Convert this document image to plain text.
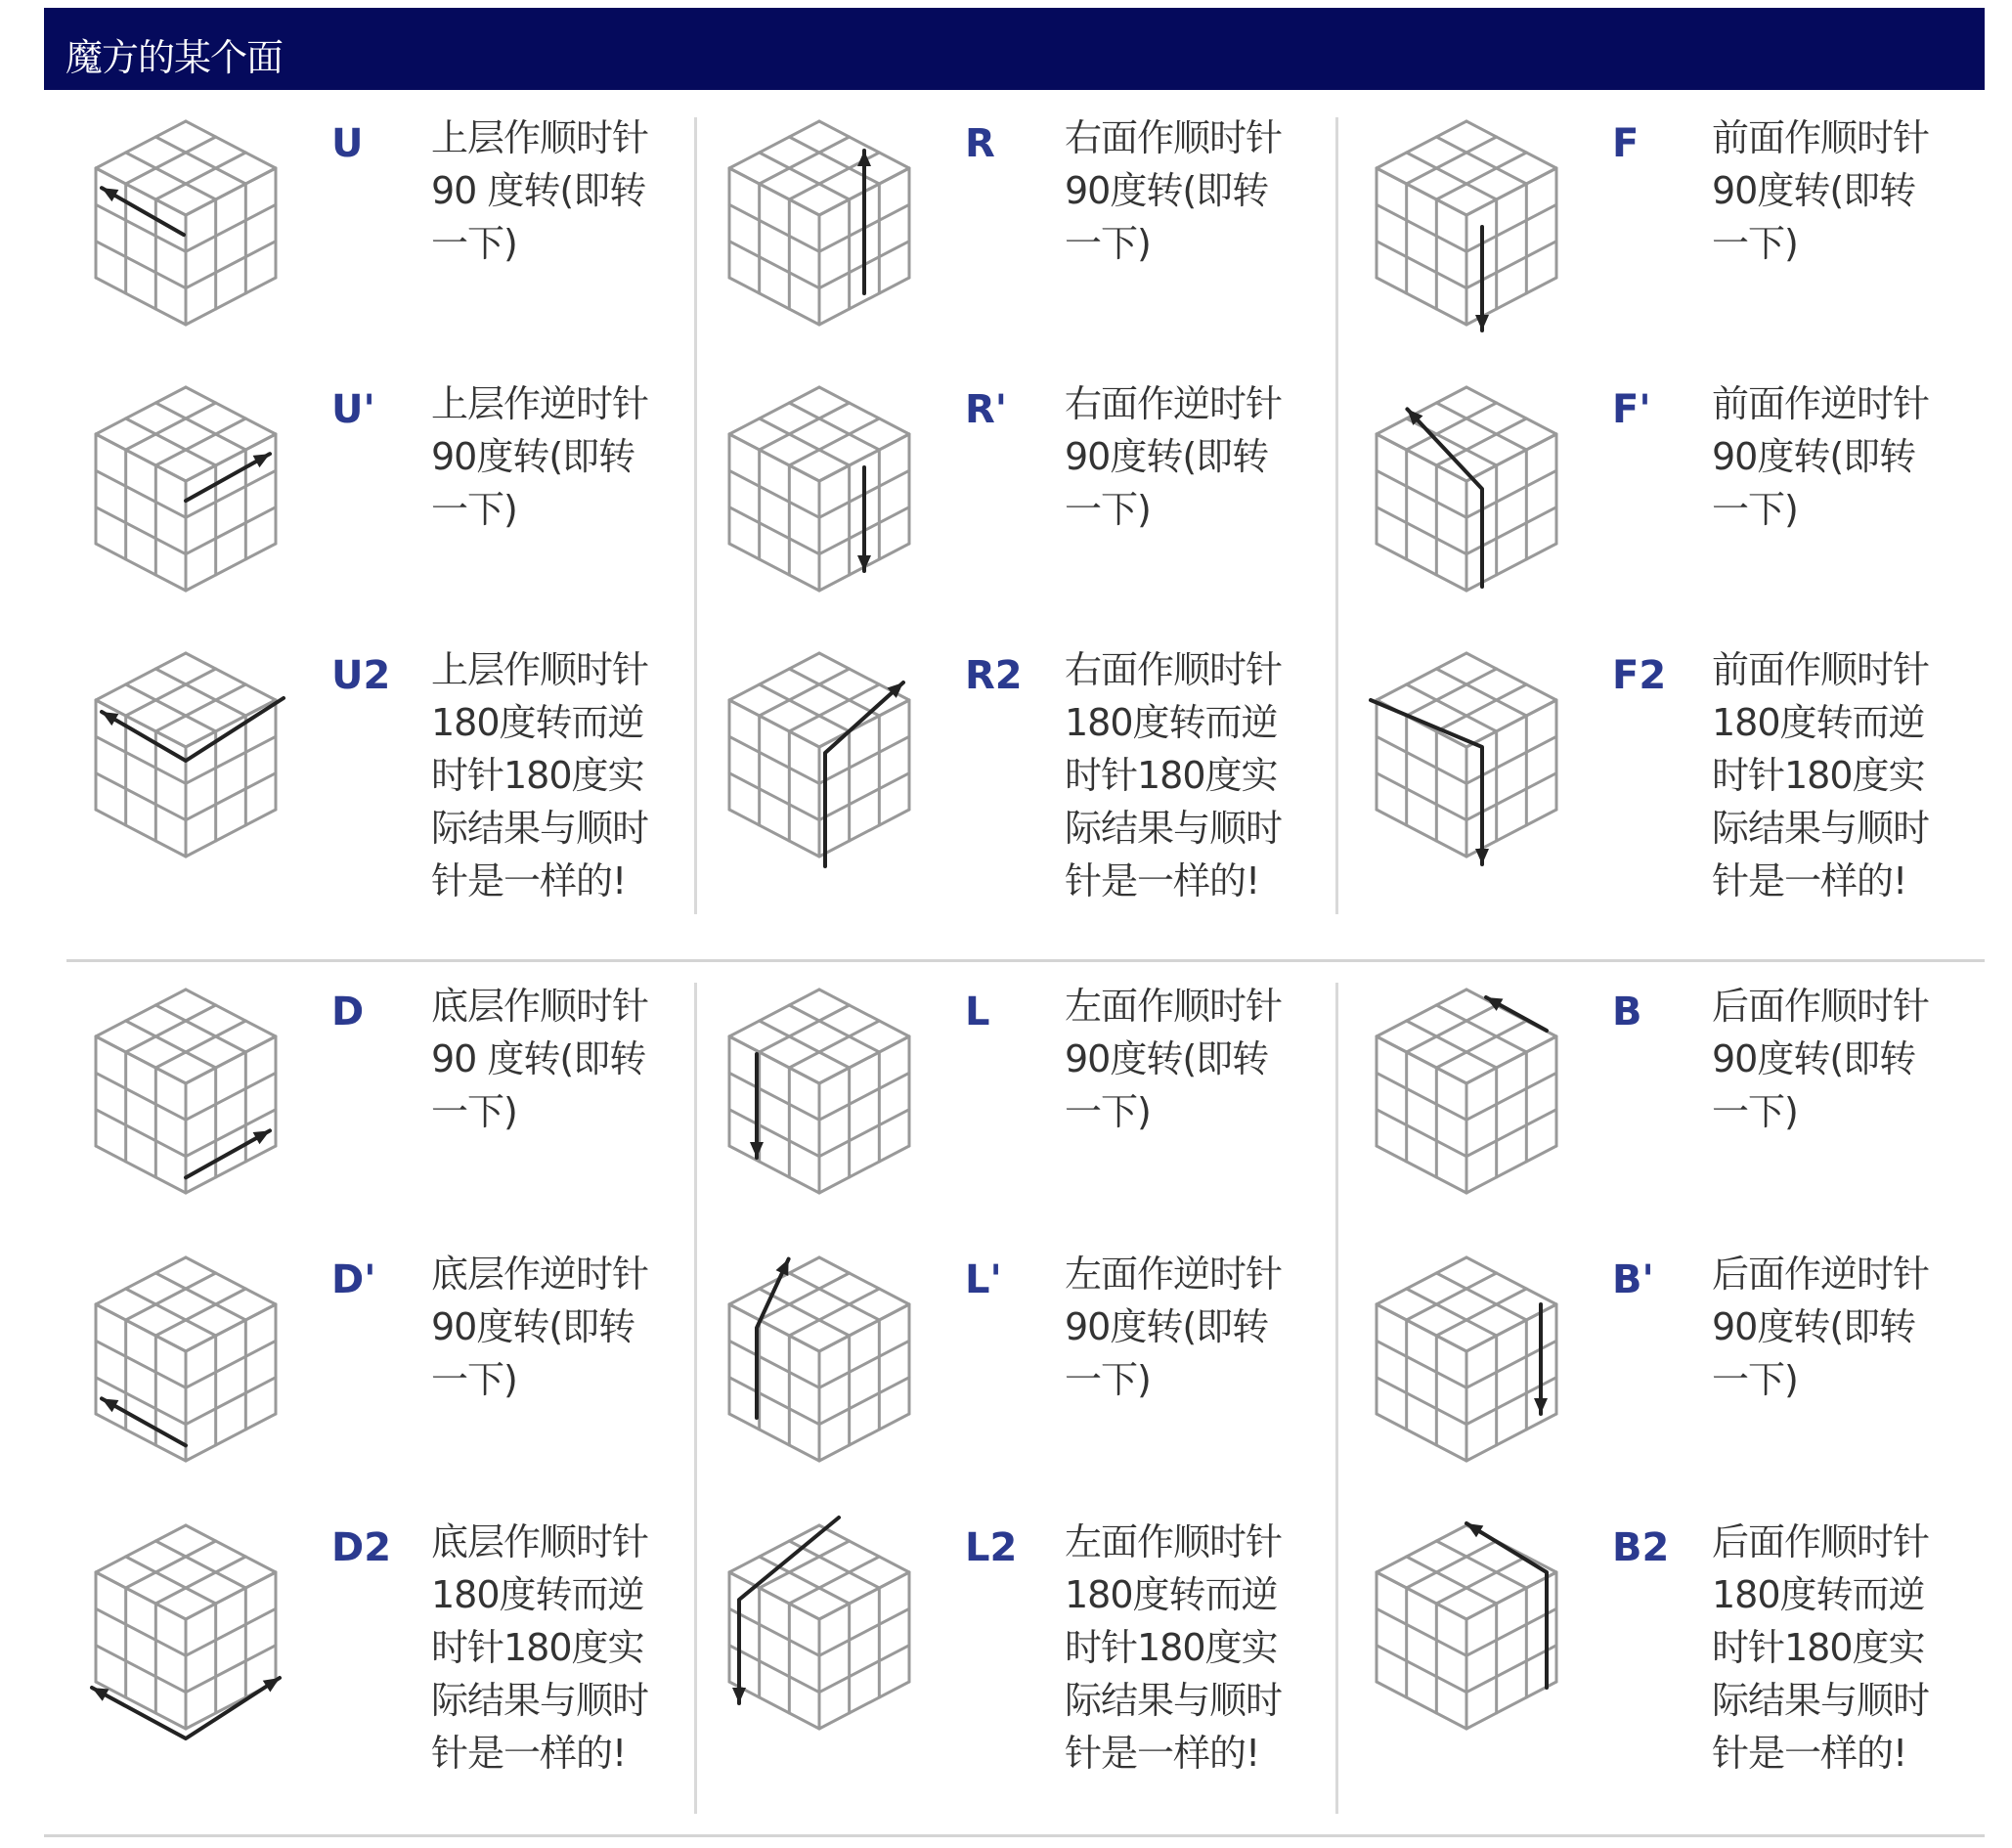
魔方的某个面
U 上层作顺时针
90 度转(即转
一下)
R 右面作顺时针
90度转(即转
一下)
F 前面作顺时针
90度转(即转
一下)
U' 上层作逆时针
90度转(即转
一下)
R' 右面作逆时针
90度转(即转
一下)
F' 前面作逆时针
90度转(即转
一下)
U2 上层作顺时针
180度转而逆
时针180度实
际结果与顺时
针是一样的!
R2 右面作顺时针
180度转而逆
时针180度实
际结果与顺时
针是一样的!
F2 前面作顺时针
180度转而逆
时针180度实
际结果与顺时
针是一样的!
D 底层作顺时针
90 度转(即转
一下)
L 左面作顺时针
90度转(即转
一下)
B 后面作顺时针
90度转(即转
一下)
D' 底层作逆时针
90度转(即转
一下)
L' 左面作逆时针
90度转(即转
一下)
B' 后面作逆时针
90度转(即转
一下)
D2 底层作顺时针
180度转而逆
时针180度实
际结果与顺时
针是一样的!
L2 左面作顺时针
180度转而逆
时针180度实
际结果与顺时
针是一样的!
B2 后面作顺时针
180度转而逆
时针180度实
际结果与顺时
针是一样的!
